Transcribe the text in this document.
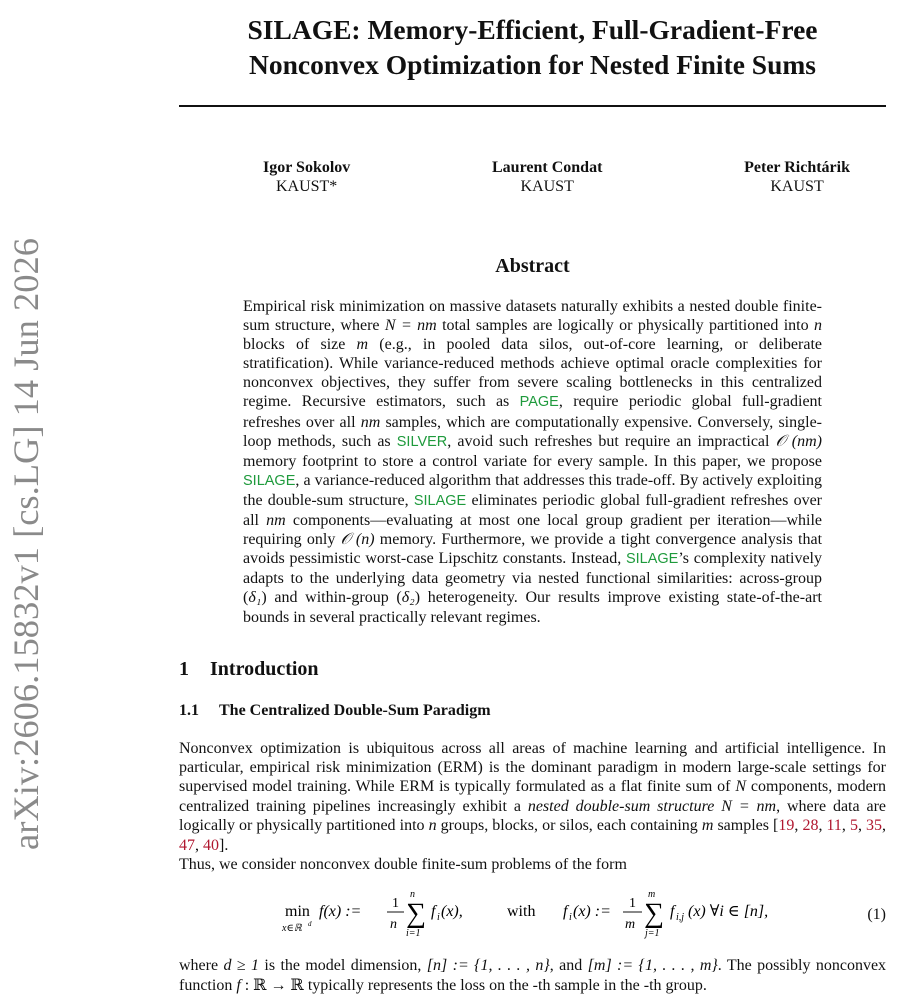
arXiv:2606.15832v1 [cs.LG] 14 Jun 2026
SILAGE: Memory-Efficient, Full-Gradient-Free
Nonconvex Optimization for Nested Finite Sums
Igor Sokolov
KAUST*
Laurent Condat
KAUST
Peter Richtárik
KAUST
Abstract

Empirical risk minimization on massive datasets naturally exhibits a nested double finite-sum structure, where N = nm total samples are logically or physically partitioned into n blocks of size m (e.g., in pooled data silos, out-of-core learning, or deliberate stratification). While variance-reduced methods achieve optimal oracle complexities for nonconvex objectives, they suffer from severe scaling bottlenecks in this centralized regime. Recursive estimators, such as PAGE, require periodic global full-gradient refreshes over all nm samples, which are computationally expensive. Conversely, single-loop methods, such as SILVER, avoid such refreshes but require an impractical 𝒪 (nm) memory footprint to store a control variate for every sample. In this paper, we propose SILAGE, a variance-reduced algorithm that addresses this trade-off. By actively exploiting the double-sum structure, SILAGE eliminates periodic global full-gradient refreshes over all nm components—evaluating at most one local group gradient per iteration—while requiring only 𝒪 (n) memory. Furthermore, we provide a tight convergence analysis that avoids pessimistic worst-case Lipschitz constants. Instead, SILAGE’s complexity natively adapts to the underlying data geometry via nested functional similarities: across-group (δ₁) and within-group (δ₂) heterogeneity. Our results improve existing state-of-the-art bounds in several practically relevant regimes.

1 Introduction
1.1 The Centralized Double-Sum Paradigm

Nonconvex optimization is ubiquitous across all areas of machine learning and artificial intelligence. In particular, empirical risk minimization (ERM) is the dominant paradigm in modern large-scale settings for supervised model training. While ERM is typically formulated as a flat finite sum of N components, modern centralized training pipelines increasingly exhibit a nested double-sum structure N = nm, where data are logically or physically partitioned into n groups, blocks, or silos, each containing m samples [19, 28, 11, 5, 35, 47, 40].

Thus, we consider nonconvex double finite-sum problems of the form

min
x∈ℝ d
f(x) := 1
n
n
∑
i=1
f i (x),	with f i (x) := 1
m
m
∑
j=1
f i,j (x) ∀i ∈ [n],	(1)
where d ≥ 1 is the model dimension, [n] := {1, . . . , n}, and [m] := {1, . . . , m}. The possibly nonconvex function f : ℝ → ℝ typically represents the loss on the -th sample in the -th group.
